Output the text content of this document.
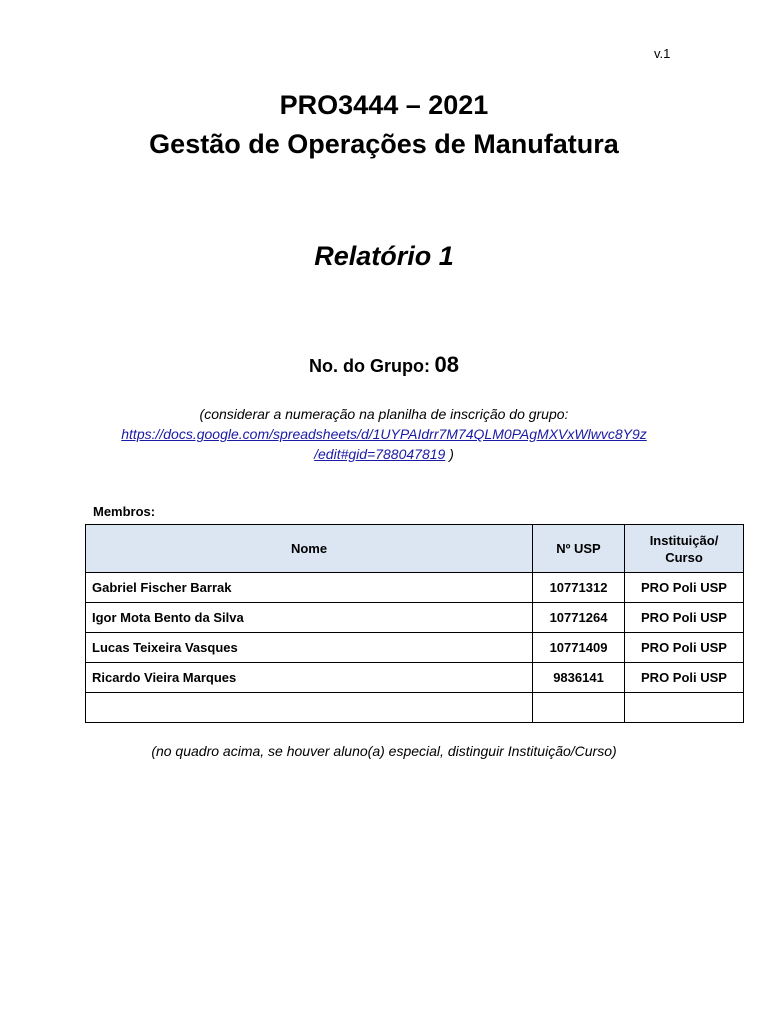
v.1
PRO3444 – 2021
Gestão de Operações de Manufatura
Relatório 1
No. do Grupo: 08
(considerar a numeração na planilha de inscrição do grupo:
https://docs.google.com/spreadsheets/d/1UYPAIdrr7M74QLM0PAgMXVxWlwvc8Y9z
/edit#gid=788047819 )
Membros:
Nome	Nº USP	Instituição/ Curso
Gabriel Fischer Barrak	10771312	PRO Poli USP
Igor Mota Bento da Silva	10771264	PRO Poli USP
Lucas Teixeira Vasques	10771409	PRO Poli USP
Ricardo Vieira Marques	9836141	PRO Poli USP

(no quadro acima, se houver aluno(a) especial, distinguir Instituição/Curso)
